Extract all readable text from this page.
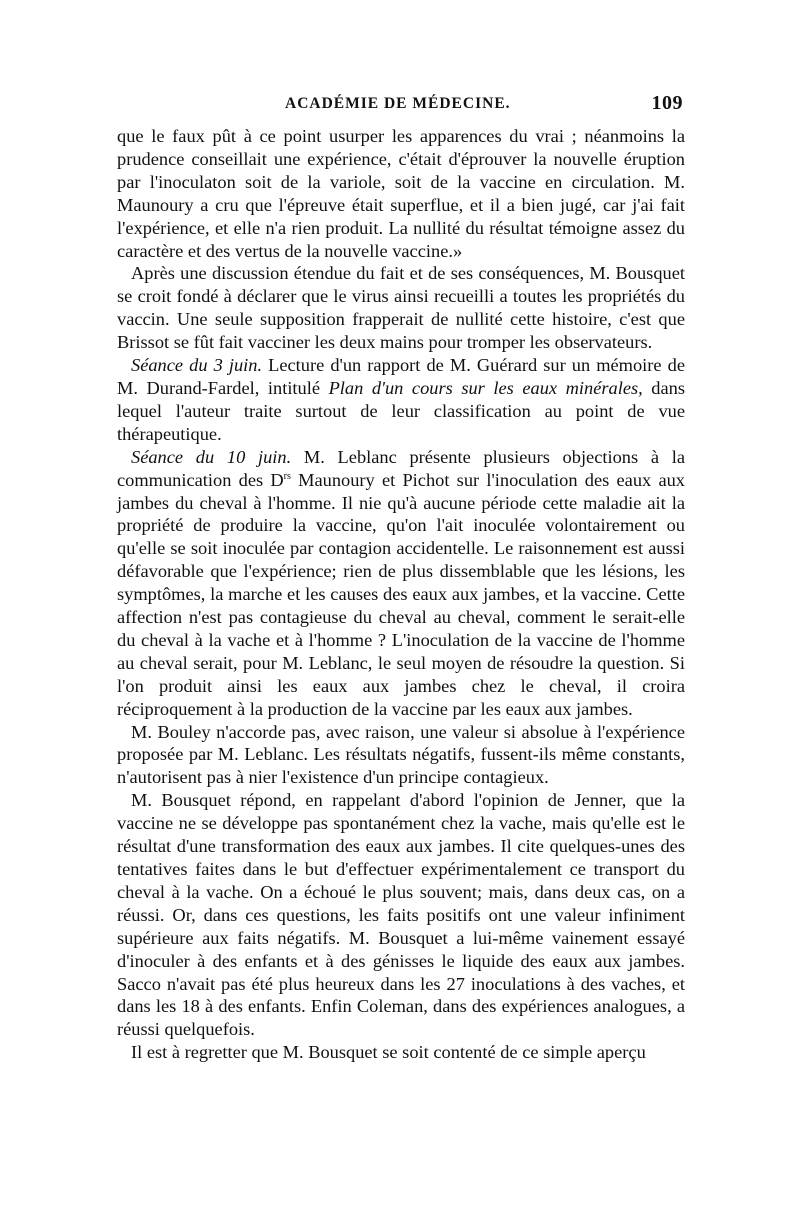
ACADÉMIE DE MÉDECINE.	109

que le faux pût à ce point usurper les apparences du vrai ; néanmoins la prudence conseillait une expérience, c'était d'éprouver la nouvelle éruption par l'inoculaton soit de la variole, soit de la vaccine en circulation. M. Maunoury a cru que l'épreuve était superflue, et il a bien jugé, car j'ai fait l'expérience, et elle n'a rien produit. La nullité du résultat témoigne assez du caractère et des vertus de la nouvelle vaccine.»

Après une discussion étendue du fait et de ses conséquences, M. Bousquet se croit fondé à déclarer que le virus ainsi recueilli a toutes les propriétés du vaccin. Une seule supposition frapperait de nullité cette histoire, c'est que Brissot se fût fait vacciner les deux mains pour tromper les observateurs.

Séance du 3 juin. Lecture d'un rapport de M. Guérard sur un mémoire de M. Durand-Fardel, intitulé Plan d'un cours sur les eaux minérales, dans lequel l'auteur traite surtout de leur classification au point de vue thérapeutique.

Séance du 10 juin. M. Leblanc présente plusieurs objections à la communication des $D^{rs}$ Maunoury et Pichot sur l'inoculation des eaux aux jambes du cheval à l'homme. Il nie qu'à aucune période cette maladie ait la propriété de produire la vaccine, qu'on l'ait inoculée volontairement ou qu'elle se soit inoculée par contagion accidentelle. Le raisonnement est aussi défavorable que l'expérience; rien de plus dissemblable que les lésions, les symptômes, la marche et les causes des eaux aux jambes, et la vaccine. Cette affection n'est pas contagieuse du cheval au cheval, comment le serait-elle du cheval à la vache et à l'homme ? L'inoculation de la vaccine de l'homme au cheval serait, pour M. Leblanc, le seul moyen de résoudre la question. Si l'on produit ainsi les eaux aux jambes chez le cheval, il croira réciproquement à la production de la vaccine par les eaux aux jambes.

M. Bouley n'accorde pas, avec raison, une valeur si absolue à l'expérience proposée par M. Leblanc. Les résultats négatifs, fussent-ils même constants, n'autorisent pas à nier l'existence d'un principe contagieux.

M. Bousquet répond, en rappelant d'abord l'opinion de Jenner, que la vaccine ne se développe pas spontanément chez la vache, mais qu'elle est le résultat d'une transformation des eaux aux jambes. Il cite quelques-unes des tentatives faites dans le but d'effectuer expérimentalement ce transport du cheval à la vache. On a échoué le plus souvent; mais, dans deux cas, on a réussi. Or, dans ces questions, les faits positifs ont une valeur infiniment supérieure aux faits négatifs. M. Bousquet a lui-même vainement essayé d'inoculer à des enfants et à des génisses le liquide des eaux aux jambes. Sacco n'avait pas été plus heureux dans les 27 inoculations à des vaches, et dans les 18 à des enfants. Enfin Coleman, dans des expériences analogues, a réussi quelquefois.

Il est à regretter que M. Bousquet se soit contenté de ce simple aperçu
